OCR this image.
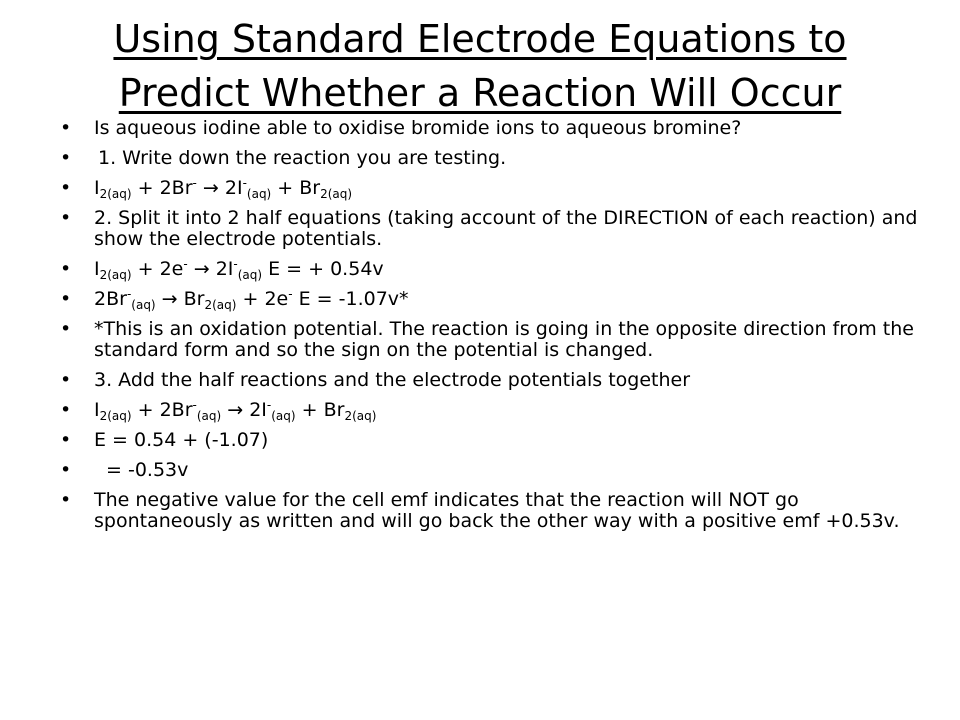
Using Standard Electrode Equations to
Predict Whether a Reaction Will Occur
• Is aqueous iodine able to oxidise bromide ions to aqueous bromine?
• 1. Write down the reaction you are testing.
• $I_{2(aq)} + 2Br^- \to 2I^-_{(aq)} + Br_{2(aq)}$
• 2. Split it into 2 half equations (taking account of the DIRECTION of each reaction) and show the electrode potentials.
• $I_{2(aq)} + 2e^- \to 2I^-_{(aq)}$ E = + 0.54v
• $2Br^-_{(aq)} \to Br_{2(aq)} + 2e^-$ E = -1.07v*
• *This is an oxidation potential. The reaction is going in the opposite direction from the standard form and so the sign on the potential is changed.
• 3. Add the half reactions and the electrode potentials together
• $I_{2(aq)} + 2Br^-_{(aq)} \to 2I^-_{(aq)} + Br_{2(aq)}$
• E = 0.54 + (-1.07)
• = -0.53v
• The negative value for the cell emf indicates that the reaction will NOT go spontaneously as written and will go back the other way with a positive emf +0.53v.
